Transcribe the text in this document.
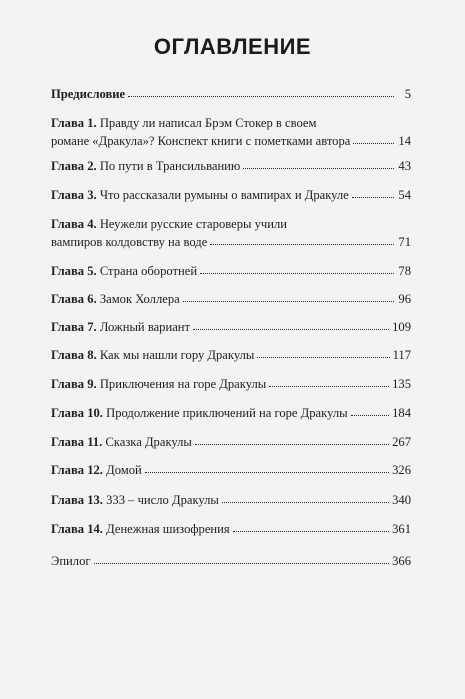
ОГЛАВЛЕНИЕ
Предисловие	5
Глава 1. Правду ли написал Брэм Стокер в своем
романе «Дракула»? Конспект книги с пометками автора	14
Глава 2. По пути в Трансильванию	43
Глава 3. Что рассказали румыны о вампирах и Дракуле	54
Глава 4. Неужели русские староверы учили
вампиров колдовству на воде	71
Глава 5. Страна оборотней	78
Глава 6. Замок Холлера	96
Глава 7. Ложный вариант	109
Глава 8. Как мы нашли гору Дракулы	117
Глава 9. Приключения на горе Дракулы	135
Глава 10. Продолжение приключений на горе Дракулы	184
Глава 11. Сказка Дракулы	267
Глава 12. Домой	326
Глава 13. 333 – число Дракулы	340
Глава 14. Денежная шизофрения	361
Эпилог	366
